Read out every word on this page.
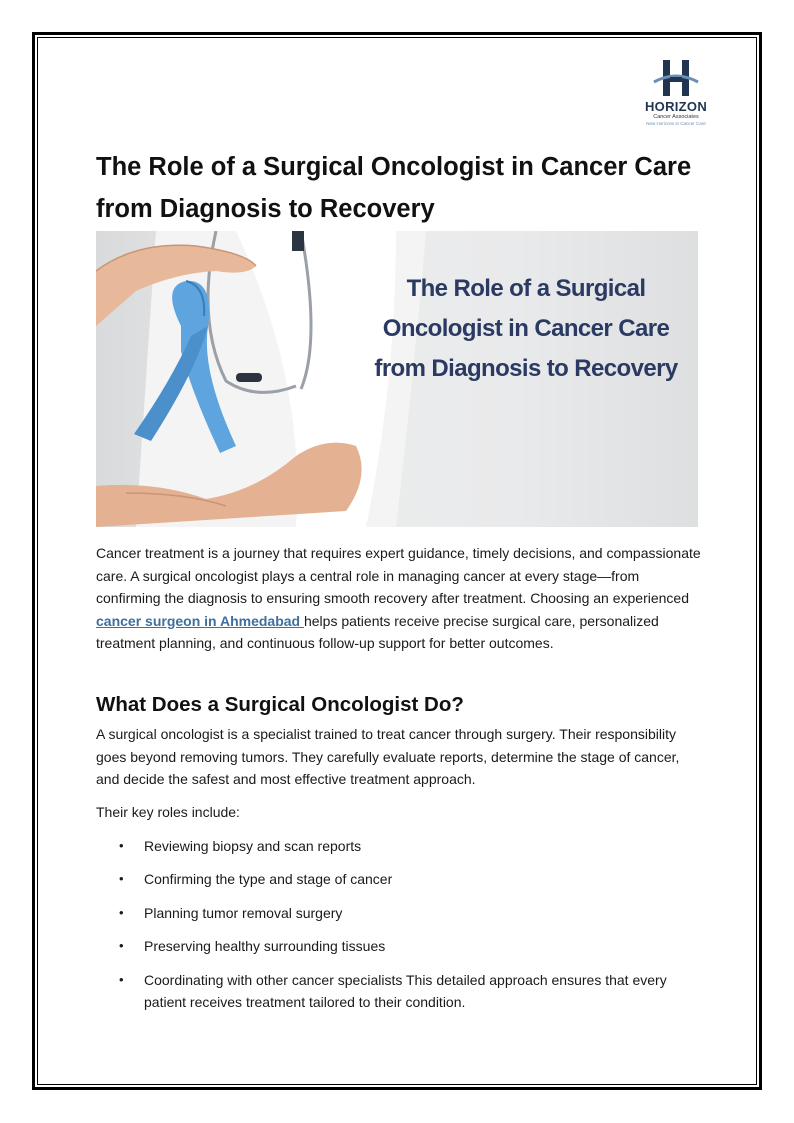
HORIZON
Cancer Associates
New Horizons in Cancer Care
The Role of a Surgical Oncologist in Cancer Care from Diagnosis to Recovery

The Role of a Surgical
Oncologist in Cancer Care
from Diagnosis to Recovery

Cancer treatment is a journey that requires expert guidance, timely decisions, and compassionate care. A surgical oncologist plays a central role in managing cancer at every stage—from confirming the diagnosis to ensuring smooth recovery after treatment. Choosing an experienced cancer surgeon in Ahmedabad helps patients receive precise surgical care, personalized treatment planning, and continuous follow-up support for better outcomes.

What Does a Surgical Oncologist Do?

A surgical oncologist is a specialist trained to treat cancer through surgery. Their responsibility goes beyond removing tumors. They carefully evaluate reports, determine the stage of cancer, and decide the safest and most effective treatment approach.

Their key roles include:

• Reviewing biopsy and scan reports
• Confirming the type and stage of cancer
• Planning tumor removal surgery
• Preserving healthy surrounding tissues
• Coordinating with other cancer specialists This detailed approach ensures that every patient receives treatment tailored to their condition.
